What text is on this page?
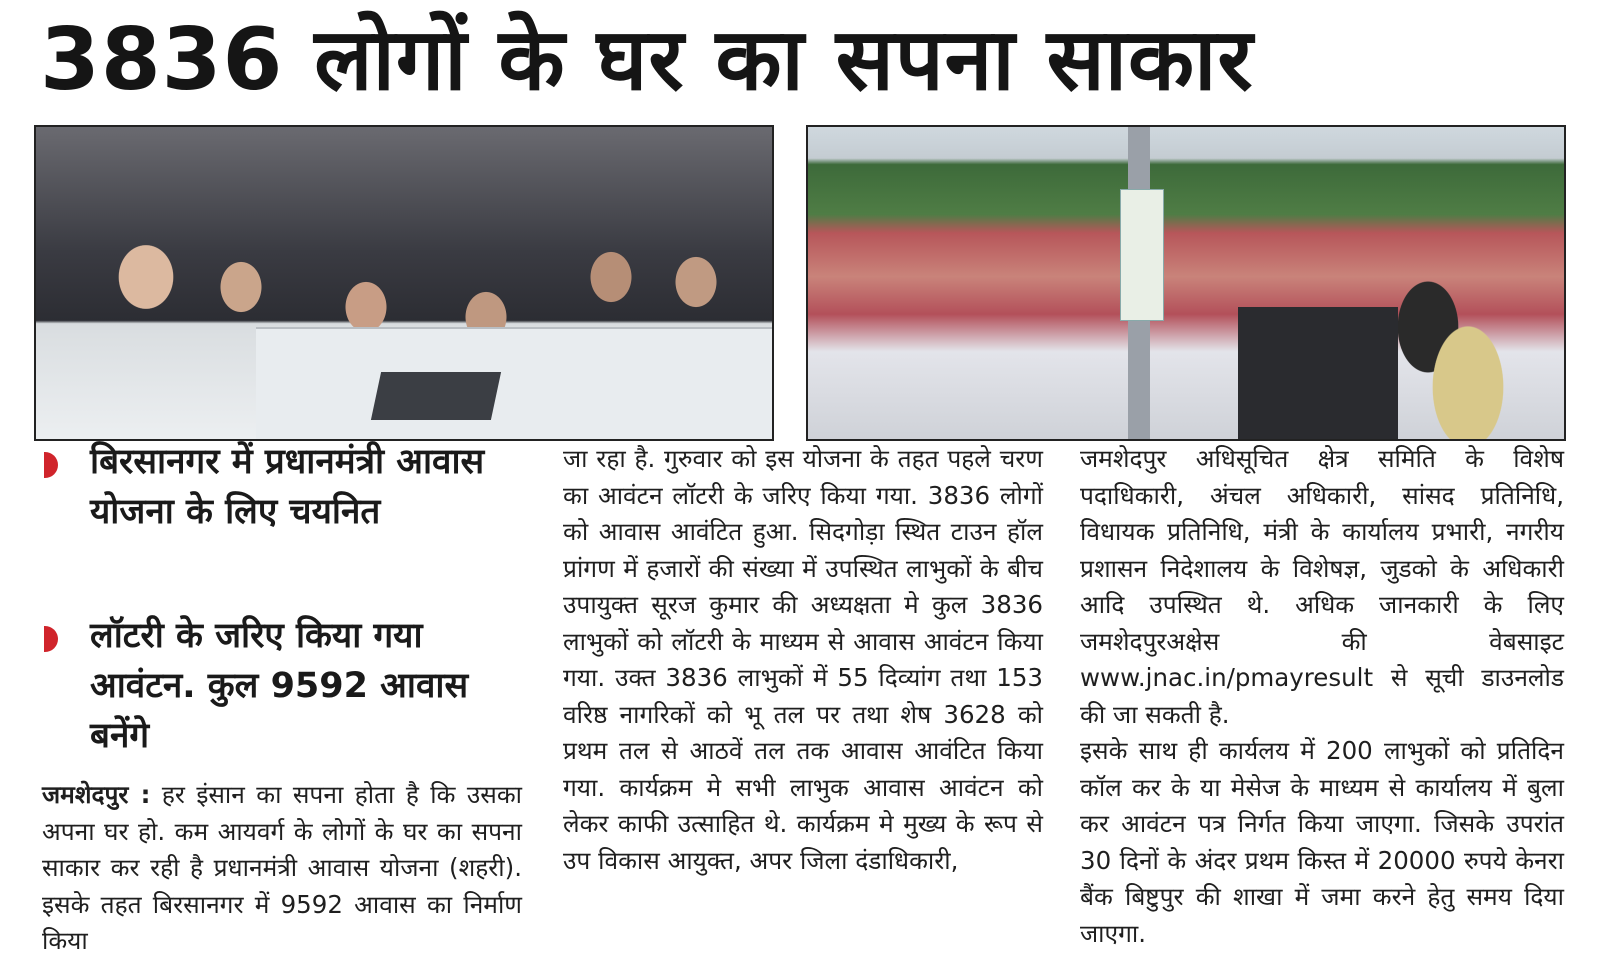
3836 लोगों के घर का सपना साकार
बिरसानगर में प्रधानमंत्री आवास योजना के लिए चयनित
लॉटरी के जरिए किया गया आवंटन. कुल 9592 आवास बनेंगे

जमशेदपुर : हर इंसान का सपना होता है कि उसका अपना घर हो. कम आयवर्ग के लोगों के घर का सपना साकार कर रही है प्रधानमंत्री आवास योजना (शहरी). इसके तहत बिरसानगर में 9592 आवास का निर्माण किया

जा रहा है. गुरुवार को इस योजना के तहत पहले चरण का आवंटन लॉटरी के जरिए किया गया. 3836 लोगों को आवास आवंटित हुआ. सिदगोड़ा स्थित टाउन हॉल प्रांगण में हजारों की संख्या में उपस्थित लाभुकों के बीच उपायुक्त सूरज कुमार की अध्यक्षता मे कुल 3836 लाभुकों को लॉटरी के माध्यम से आवास आवंटन किया गया. उक्त 3836 लाभुकों में 55 दिव्यांग तथा 153 वरिष्ठ नागरिकों को भू तल पर तथा शेष 3628 को प्रथम तल से आठवें तल तक आवास आवंटित किया गया. कार्यक्रम मे सभी लाभुक आवास आवंटन को लेकर काफी उत्साहित थे. कार्यक्रम मे मुख्य के रूप से उप विकास आयुक्त, अपर जिला दंडाधिकारी,

जमशेदपुर अधिसूचित क्षेत्र समिति के विशेष पदाधिकारी, अंचल अधिकारी, सांसद प्रतिनिधि, विधायक प्रतिनिधि, मंत्री के कार्यालय प्रभारी, नगरीय प्रशासन निदेशालय के विशेषज्ञ, जुडको के अधिकारी आदि उपस्थित थे. अधिक जानकारी के लिए जमशेदपुरअक्षेस की वेबसाइट www.jnac.in/pmayresult से सूची डाउनलोड की जा सकती है.

इसके साथ ही कार्यलय में 200 लाभुकों को प्रतिदिन कॉल कर के या मेसेज के माध्यम से कार्यालय में बुला कर आवंटन पत्र निर्गत किया जाएगा. जिसके उपरांत 30 दिनों के अंदर प्रथम किस्त में 20000 रुपये केनरा बैंक बिष्टुपुर की शाखा में जमा करने हेतु समय दिया जाएगा.
